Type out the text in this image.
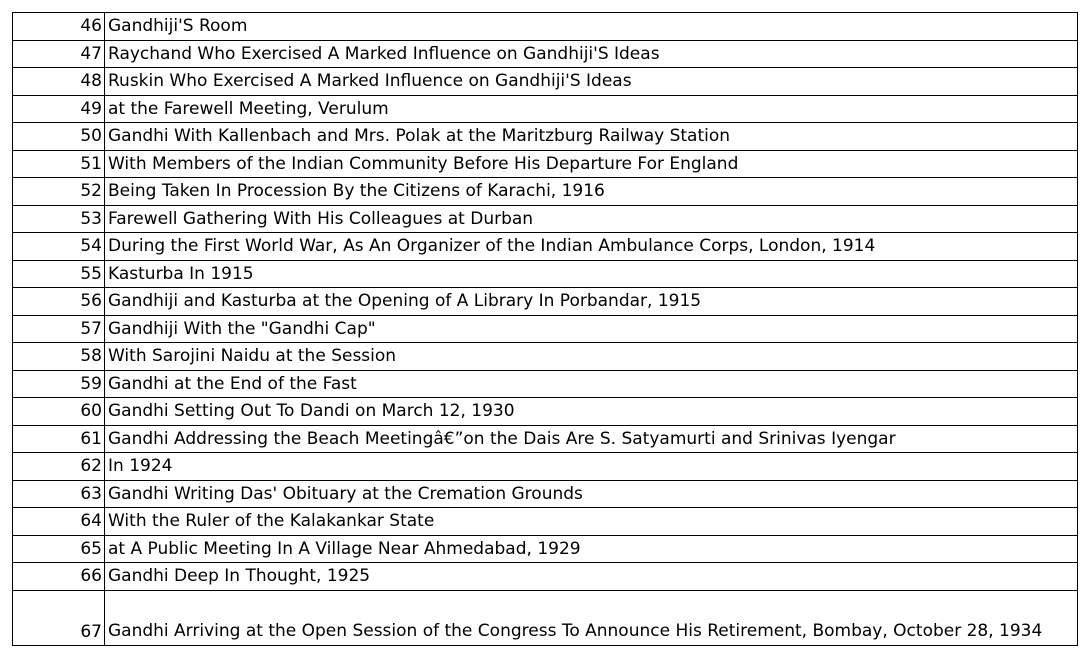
46	Gandhiji'S Room
47	Raychand Who Exercised A Marked Influence on Gandhiji'S Ideas
48	Ruskin Who Exercised A Marked Influence on Gandhiji'S Ideas
49	at the Farewell Meeting, Verulum
50	Gandhi With Kallenbach and Mrs. Polak at the Maritzburg Railway Station
51	With Members of the Indian Community Before His Departure For England
52	Being Taken In Procession By the Citizens of Karachi, 1916
53	Farewell Gathering With His Colleagues at Durban
54	During the First World War, As An Organizer of the Indian Ambulance Corps, London, 1914
55	Kasturba In 1915
56	Gandhiji and Kasturba at the Opening of A Library In Porbandar, 1915
57	Gandhiji With the "Gandhi Cap"
58	With Sarojini Naidu at the Session
59	Gandhi at the End of the Fast
60	Gandhi Setting Out To Dandi on March 12, 1930
61	Gandhi Addressing the Beach Meetingâ€”on the Dais Are S. Satyamurti and Srinivas Iyengar
62	In 1924
63	Gandhi Writing Das' Obituary at the Cremation Grounds
64	With the Ruler of the Kalakankar State
65	at A Public Meeting In A Village Near Ahmedabad, 1929
66	Gandhi Deep In Thought, 1925
67	Gandhi Arriving at the Open Session of the Congress To Announce His Retirement, Bombay, October 28, 1934
